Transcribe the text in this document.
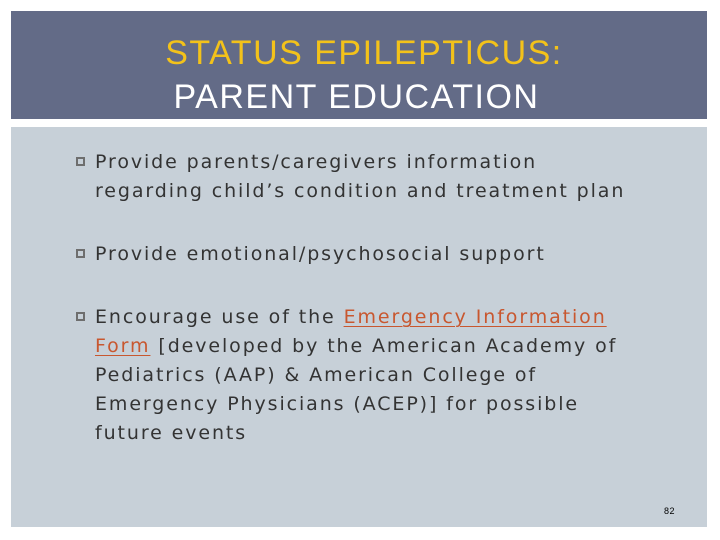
STATUS EPILEPTICUS:
PARENT EDUCATION
Provide parents/caregivers information regarding child’s condition and treatment plan
Provide emotional/psychosocial support
Encourage use of the Emergency Information Form [developed by the American Academy of Pediatrics (AAP) & American College of Emergency Physicians (ACEP)] for possible future events
82
